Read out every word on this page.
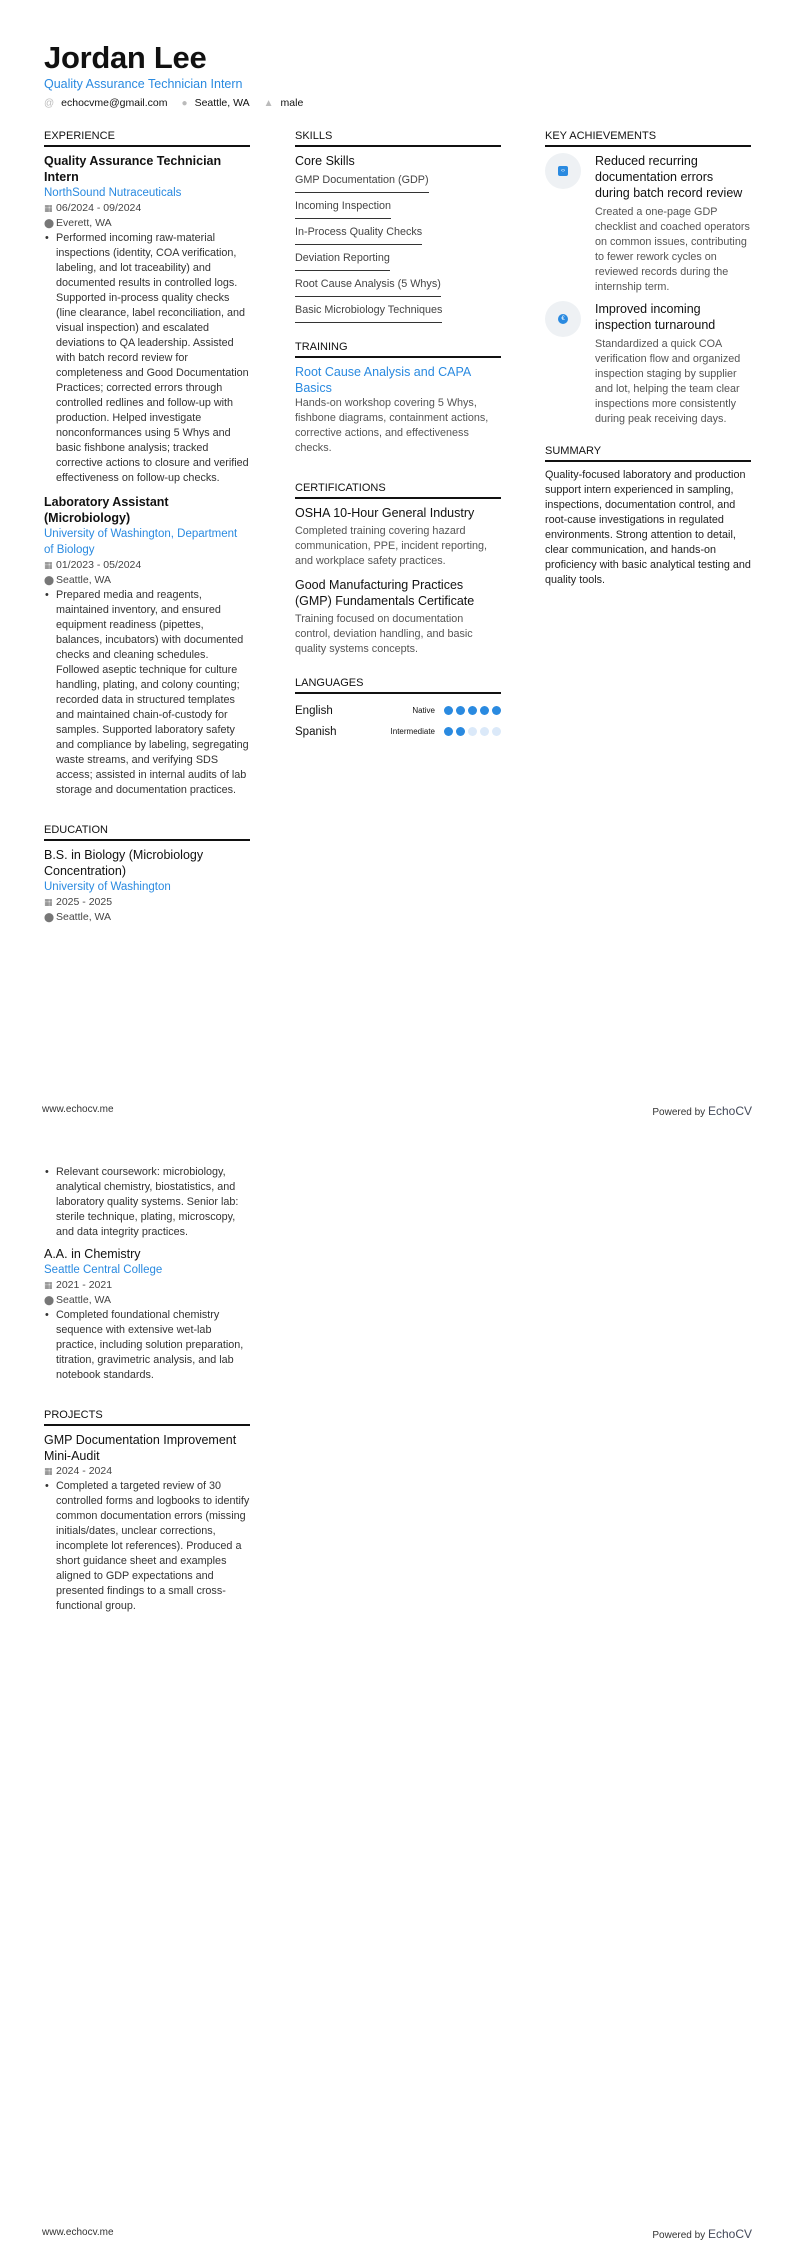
Jordan Lee
Quality Assurance Technician Intern
@ echocvme@gmail.com ● Seattle, WA ▲ male
EXPERIENCE
Quality Assurance Technician Intern
NorthSound Nutraceuticals
▦ 06/2024 - 09/2024
⬤ Everett, WA
• Performed incoming raw-material inspections (identity, COA verification, labeling, and lot traceability) and documented results in controlled logs. Supported in-process quality checks (line clearance, label reconciliation, and visual inspection) and escalated deviations to QA leadership. Assisted with batch record review for completeness and Good Documentation Practices; corrected errors through controlled redlines and follow-up with production. Helped investigate nonconformances using 5 Whys and basic fishbone analysis; tracked corrective actions to closure and verified effectiveness on follow-up checks.
Laboratory Assistant (Microbiology)
University of Washington, Department of Biology
▦ 01/2023 - 05/2024
⬤ Seattle, WA
• Prepared media and reagents, maintained inventory, and ensured equipment readiness (pipettes, balances, incubators) with documented checks and cleaning schedules. Followed aseptic technique for culture handling, plating, and colony counting; recorded data in structured templates and maintained chain-of-custody for samples. Supported laboratory safety and compliance by labeling, segregating waste streams, and verifying SDS access; assisted in internal audits of lab storage and documentation practices.
EDUCATION
B.S. in Biology (Microbiology Concentration)
University of Washington
▦ 2025 - 2025
⬤ Seattle, WA
SKILLS
Core Skills
GMP Documentation (GDP)
Incoming Inspection
In-Process Quality Checks
Deviation Reporting
Root Cause Analysis (5 Whys)
Basic Microbiology Techniques
TRAINING
Root Cause Analysis and CAPA Basics
Hands-on workshop covering 5 Whys, fishbone diagrams, containment actions, corrective actions, and effectiveness checks.
CERTIFICATIONS
OSHA 10-Hour General Industry
Completed training covering hazard communication, PPE, incident reporting, and workplace safety practices.
Good Manufacturing Practices (GMP) Fundamentals Certificate
Training focused on documentation control, deviation handling, and basic quality systems concepts.
LANGUAGES
English	Native
Spanish	Intermediate
KEY ACHIEVEMENTS
‹›
Reduced recurring documentation errors during batch record review
Created a one-page GDP checklist and coached operators on common issues, contributing to fewer rework cycles on reviewed records during the internship term.
€
Improved incoming inspection turnaround
Standardized a quick COA verification flow and organized inspection staging by supplier and lot, helping the team clear inspections more consistently during peak receiving days.
SUMMARY
Quality-focused laboratory and production support intern experienced in sampling, inspections, documentation control, and root-cause investigations in regulated environments. Strong attention to detail, clear communication, and hands-on proficiency with basic analytical testing and quality tools.
www.echocv.me	Powered by EchoCV
• Relevant coursework: microbiology, analytical chemistry, biostatistics, and laboratory quality systems. Senior lab: sterile technique, plating, microscopy, and data integrity practices.
A.A. in Chemistry
Seattle Central College
▦ 2021 - 2021
⬤ Seattle, WA
• Completed foundational chemistry sequence with extensive wet-lab practice, including solution preparation, titration, gravimetric analysis, and lab notebook standards.
PROJECTS
GMP Documentation Improvement Mini-Audit
▦ 2024 - 2024
• Completed a targeted review of 30 controlled forms and logbooks to identify common documentation errors (missing initials/dates, unclear corrections, incomplete lot references). Produced a short guidance sheet and examples aligned to GDP expectations and presented findings to a small cross-functional group.
www.echocv.me	Powered by EchoCV
